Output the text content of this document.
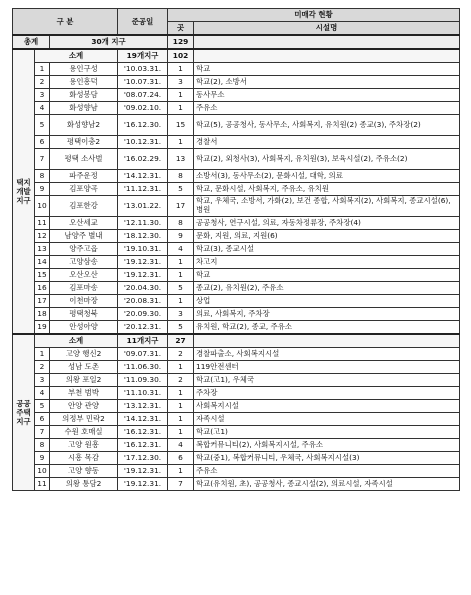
구 분			준공일	미매각 현황	
				곳	시설명
총계		30개 지구		129	
택지개발지구	소계		19개지구	102	
	1	용인구성	'10.03.31.	1	학교
	2	용인흥덕	'10.07.31.	3	학교(2), 소방서
	3	화성봉담	'08.07.24.	1	동사무소
	4	화성향남	'09.02.10.	1	주유소
	5	화성향남2	'16.12.30.	15	학교(5), 공공청사, 동사무소, 사회복지, 유치원(2) 종교(3), 주차장(2)
	6	평택이충2	'10.12.31.	1	경찰서
	7	평택 소사벌	'16.02.29.	13	학교(2), 외청사(3), 사회복지, 유치원(3), 보육시설(2), 주유소(2)
	8	파주운정	'14.12.31.	8	소방서(3), 동사무소(2), 문화시설, 대학, 의료
	9	김포양곡	'11.12.31.	5	학교, 문화시설, 사회복지, 주유소, 유치원
	10	김포한강	'13.01.22.	17	학교, 우체국, 소방서, 가화(2), 보건 종합, 사회복지(2), 사회복지, 종교시설(6), 병원
	11	오산세교	'12.11.30.	8	공공청사, 연구시설, 의료, 자동차정류장, 주차장(4)
	12	남양주 별내	'18.12.30.	9	문화, 지원, 의료, 지원(6)
	13	양주고읍	'19.10.31.	4	학교(3), 종교시설
	14	고양삼송	'19.12.31.	1	차고지
	15	오산오산	'19.12.31.	1	학교
	16	김포마송	'20.04.30.	5	종교(2), 유치원(2), 주유소
	17	이천마장	'20.08.31.	1	상업
	18	평택청북	'20.09.30.	3	의료, 사회복지, 주차장
	19	안성아양	'20.12.31.	5	유치원, 학교(2), 종교, 주유소
공공주택지구	소계		11개지구	27	
	1	고양 행신2	'09.07.31.	2	경찰파출소, 사회복지시설
	2	성남 도촌	'11.06.30.	1	119안전센터
	3	의왕 포일2	'11.09.30.	2	학교(고1), 우체국
	4	부천 범박	'11.10.31.	1	주차장
	5	안양 관양	'13.12.31.	1	사회복지시설
	6	의정부 민락2	'14.12.31.	1	자족시설
	7	수원 호매실	'16.12.31.	1	학교(고1)
	8	고양 원흥	'16.12.31.	4	복합커뮤니티(2), 사회복지시설, 주유소
	9	시흥 목감	'17.12.30.	6	학교(중1), 복합커뮤니티, 우체국, 사회복지시설(3)
	10	고양 향동	'19.12.31.	1	주유소
	11	의왕 통담2	'19.12.31.	7	학교(유치원, 초), 공공청사, 종교시설(2), 의료시설, 자족시설
